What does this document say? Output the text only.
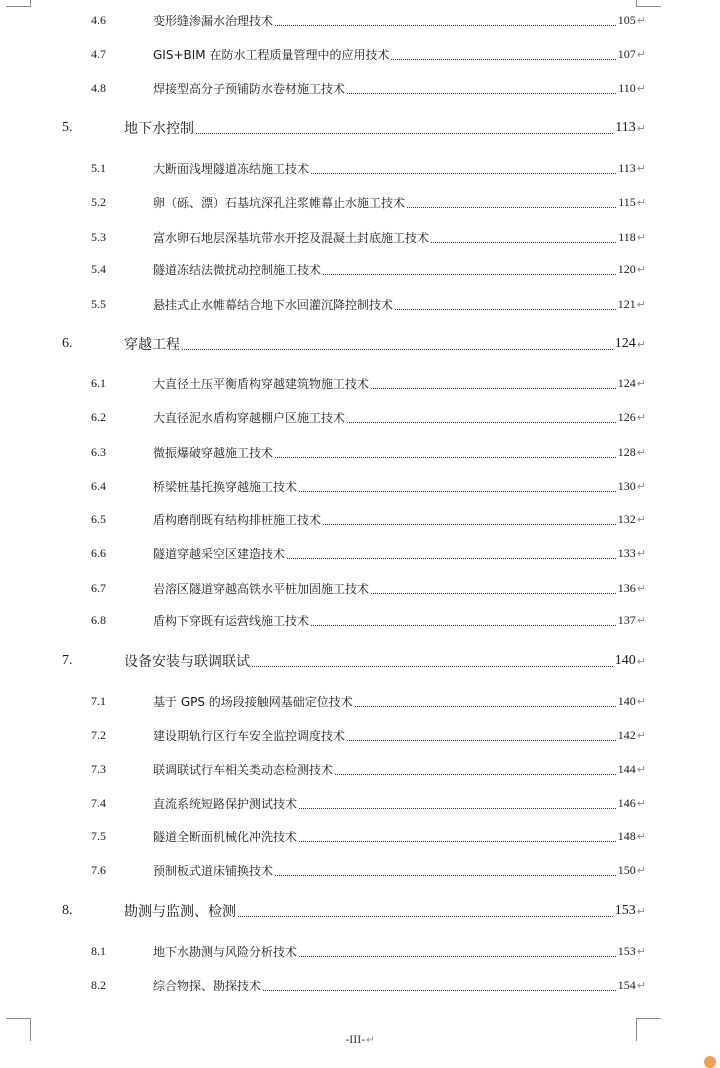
4.6	变形缝渗漏水治理技术	105 ↵
4.7	GIS+BIM 在防水工程质量管理中的应用技术	107 ↵
4.8	焊接型高分子预铺防水卷材施工技术	110 ↵
5.	地下水控制	113 ↵
5.1	大断面浅埋隧道冻结施工技术	113 ↵
5.2	卵（砾、漂）石基坑深孔注浆帷幕止水施工技术	115 ↵
5.3	富水卵石地层深基坑带水开挖及混凝土封底施工技术	118 ↵
5.4	隧道冻结法微扰动控制施工技术	120 ↵
5.5	悬挂式止水帷幕结合地下水回灌沉降控制技术	121 ↵
6.	穿越工程	124 ↵
6.1	大直径土压平衡盾构穿越建筑物施工技术	124 ↵
6.2	大直径泥水盾构穿越棚户区施工技术	126 ↵
6.3	微振爆破穿越施工技术	128 ↵
6.4	桥梁桩基托换穿越施工技术	130 ↵
6.5	盾构磨削既有结构排桩施工技术	132 ↵
6.6	隧道穿越采空区建造技术	133 ↵
6.7	岩溶区隧道穿越高铁水平桩加固施工技术	136 ↵
6.8	盾构下穿既有运营线施工技术	137 ↵
7.	设备安装与联调联试	140 ↵
7.1	基于 GPS 的场段接触网基础定位技术	140 ↵
7.2	建设期轨行区行车安全监控调度技术	142 ↵
7.3	联调联试行车相关类动态检测技术	144 ↵
7.4	直流系统短路保护测试技术	146 ↵
7.5	隧道全断面机械化冲洗技术	148 ↵
7.6	预制板式道床铺换技术	150 ↵
8.	勘测与监测、检测	153 ↵
8.1	地下水勘测与风险分析技术	153 ↵
8.2	综合物探、勘探技术	154 ↵
-III-↵
